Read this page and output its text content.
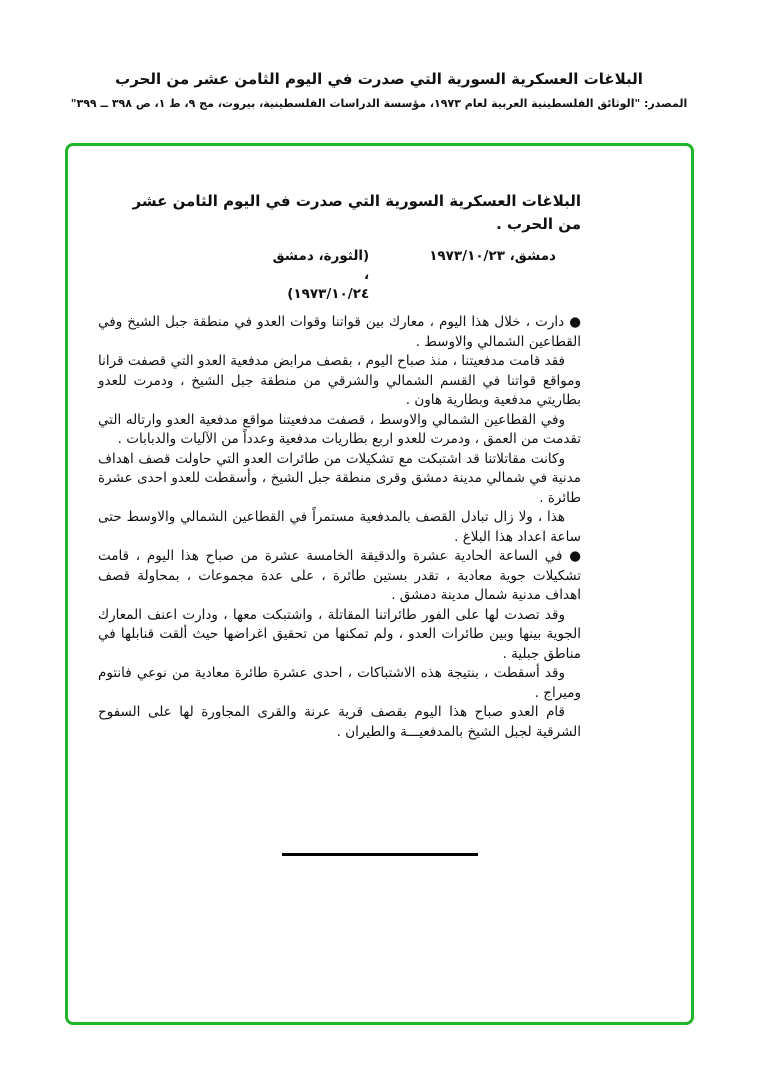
البلاغات العسكرية السورية التي صدرت في اليوم الثامن عشر من الحرب
المصدر: "الوثائق الفلسطينية العربية لعام ١٩٧٣، مؤسسة الدراسات الفلسطينية، بيروت، مج ٩، ط ١، ص ٣٩٨ ــ ٣٩٩"
البلاغات العسكرية السورية التي صدرت في اليوم الثامن عشر
من الحرب .
دمشق، ١٩٧٣/١٠/٢٣
(الثورة، دمشق ،
١٩٧٣/١٠/٢٤)

● دارت ، خلال هذا اليوم ، معارك بين قواتنا وقوات العدو في منطقة جبل الشيخ وفي القطاعين الشمالي والاوسط .

فقد قامت مدفعيتنا ، منذ صباح اليوم ، بقصف مرابض مدفعية العدو التي قصفت قرانا ومواقع قواتنا في القسم الشمالي والشرقي من منطقة جبل الشيخ ، ودمرت للعدو بطاريتي مدفعية وبطارية هاون .

وفي القطاعين الشمالي والاوسط ، قصفت مدفعيتنا مواقع مدفعية العدو وارتاله التي تقدمت من العمق ، ودمرت للعدو اربع بطاريات مدفعية وعدداً من الآليات والدبابات .

وكانت مقاتلاتنا قد اشتبكت مع تشكيلات من طائرات العدو التي حاولت قصف اهداف مدنية في شمالي مدينة دمشق وقرى منطقة جبل الشيخ ، وأسقطت للعدو احدى عشرة طائرة .

هذا ، ولا زال تبادل القصف بالمدفعية مستمراً في القطاعين الشمالي والاوسط حتى ساعة اعداد هذا البلاغ .

● في الساعة الحادية عشرة والدقيقة الخامسة عشرة من صباح هذا اليوم ، قامت تشكيلات جوية معادية ، تقدر بستين طائرة ، على عدة مجموعات ، بمحاولة قصف اهداف مدنية شمال مدينة دمشق .

وقد تصدت لها على الفور طائراتنا المقاتلة ، واشتبكت معها ، ودارت اعنف المعارك الجوية بينها وبين طائرات العدو ، ولم تمكنها من تحقيق اغراضها حيث ألقت قنابلها في مناطق جبلية .

وقد أسقطت ، بنتيجة هذه الاشتباكات ، احدى عشرة طائرة معادية من نوعي فانتوم وميراج .

قام العدو صباح هذا اليوم بقصف قرية عرنة والقرى المجاورة لها على السفوح الشرقية لجبل الشيخ بالمدفعيـــة والطيران .
